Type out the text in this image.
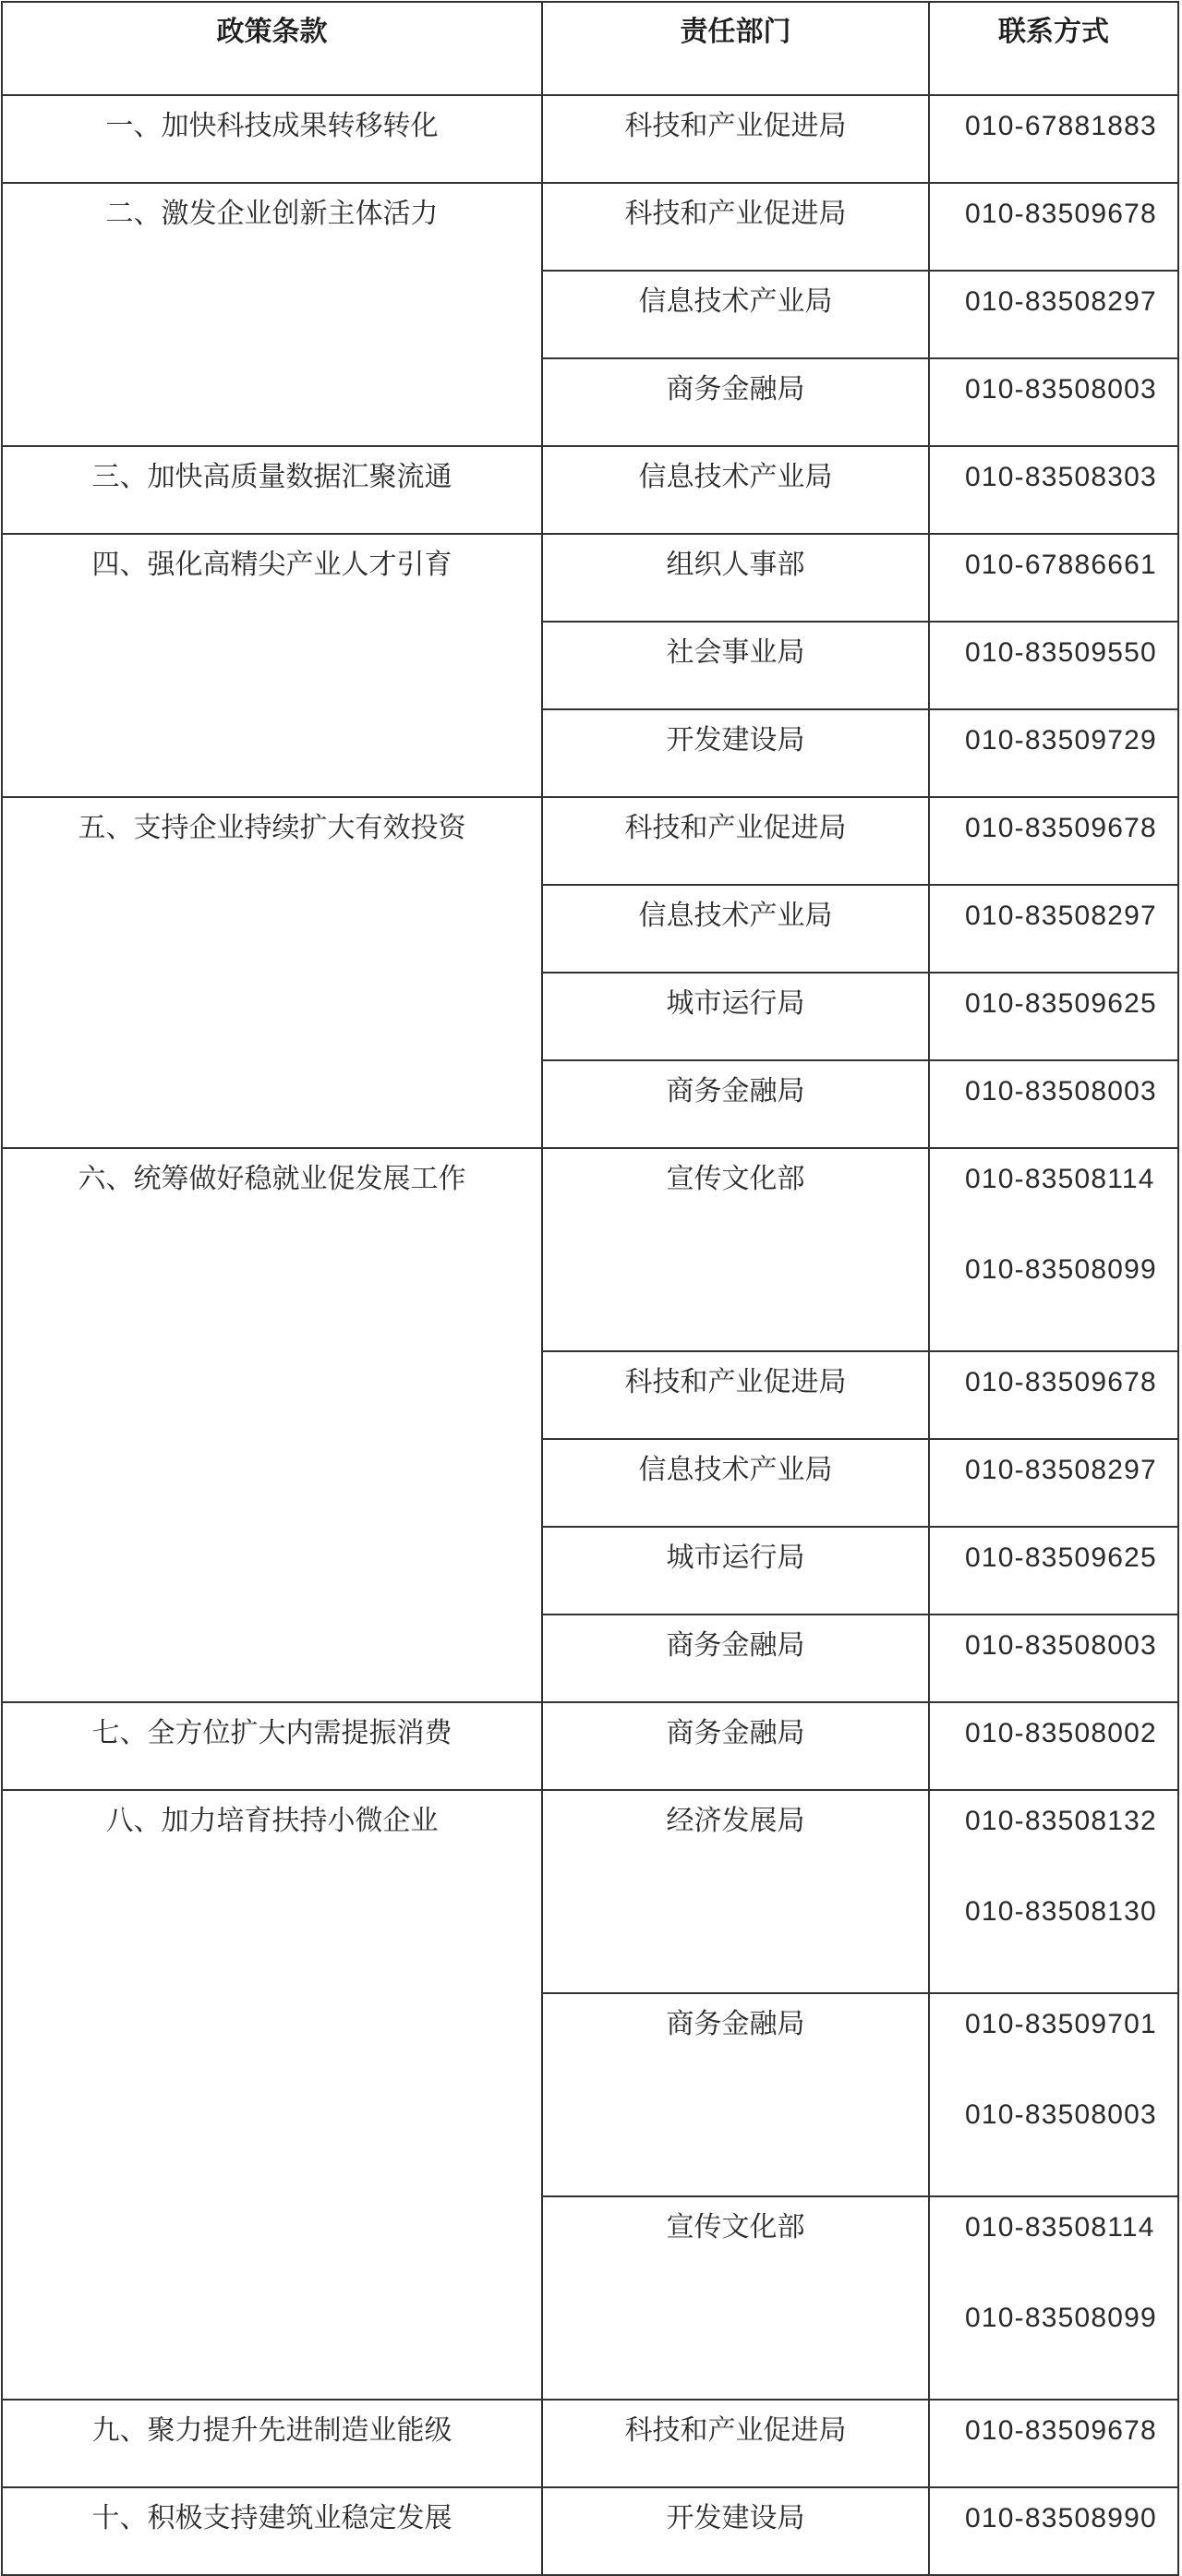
政策条款	责任部门	联系方式

一、加快科技成果转移转化	科技和产业促进局	010-67881883

二、激发企业创新主体活力	科技和产业促进局	010-83509678

	信息技术产业局	010-83508297

	商务金融局	010-83508003

三、加快高质量数据汇聚流通	信息技术产业局	010-83508303

四、强化高精尖产业人才引育	组织人事部	010-67886661

	社会事业局	010-83509550

	开发建设局	010-83509729

五、支持企业持续扩大有效投资	科技和产业促进局	010-83509678

	信息技术产业局	010-83508297

	城市运行局	010-83509625

	商务金融局	010-83508003

六、统筹做好稳就业促发展工作	宣传文化部	010-83508114
010-83508099

	科技和产业促进局	010-83509678

	信息技术产业局	010-83508297

	城市运行局	010-83509625

	商务金融局	010-83508003

七、全方位扩大内需提振消费	商务金融局	010-83508002

八、加力培育扶持小微企业	经济发展局	010-83508132
010-83508130

	商务金融局	010-83509701
010-83508003

	宣传文化部	010-83508114
010-83508099

九、聚力提升先进制造业能级	科技和产业促进局	010-83509678

十、积极支持建筑业稳定发展	开发建设局	010-83508990
